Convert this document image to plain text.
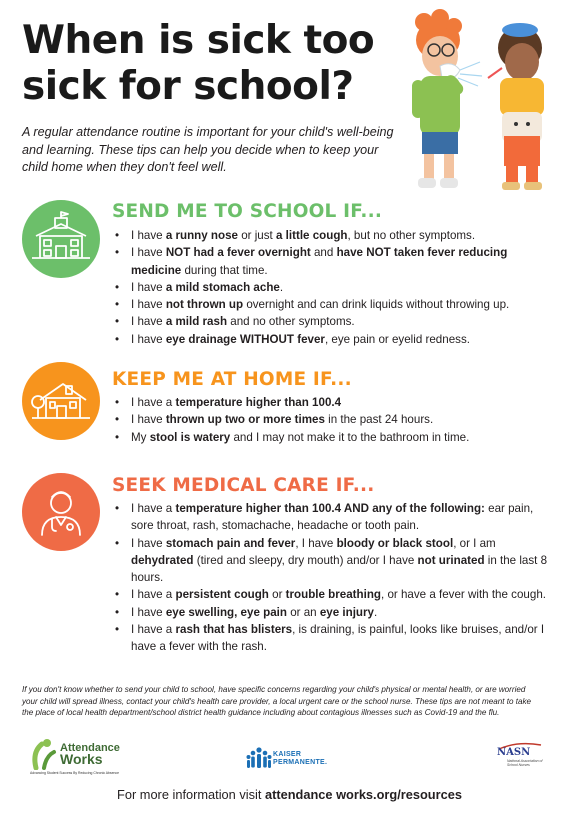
When is sick too sick for school?

A regular attendance routine is important for your child's well-being and learning. These tips can help you decide when to keep your child home when they don't feel well.

SEND ME TO SCHOOL IF...
• I have a runny nose or just a little cough, but no other symptoms.
• I have NOT had a fever overnight and have NOT taken fever reducing medicine during that time.
• I have a mild stomach ache.
• I have not thrown up overnight and can drink liquids without throwing up.
• I have a mild rash and no other symptoms.
• I have eye drainage WITHOUT fever, eye pain or eyelid redness.
KEEP ME AT HOME IF...
• I have a temperature higher than 100.4
• I have thrown up two or more times in the past 24 hours.
• My stool is watery and I may not make it to the bathroom in time.
SEEK MEDICAL CARE IF...
• I have a temperature higher than 100.4 AND any of the following: ear pain, sore throat, rash, stomachache, headache or tooth pain.
• I have stomach pain and fever, I have bloody or black stool, or I am dehydrated (tired and sleepy, dry mouth) and/or I have not urinated in the last 8 hours.
• I have a persistent cough or trouble breathing, or have a fever with the cough.
• I have eye swelling, eye pain or an eye injury.
• I have a rash that has blisters, is draining, is painful, looks like bruises, and/or I have a fever with the rash.

If you don't know whether to send your child to school, have specific concerns regarding your child's physical or mental health, or are worried your child will spread illness, contact your child's health care provider, a local urgent care or the school nurse. These tips are not meant to take the place of local health department/school district health guidance including about contagious illnesses such as Covid-19 and the flu.

Attendance
Works
Advancing Student Success By Reducing Chronic Absence
KAISER
PERMANENTE.
NASN
National Association of School Nurses

For more information visit attendance works.org/resources
